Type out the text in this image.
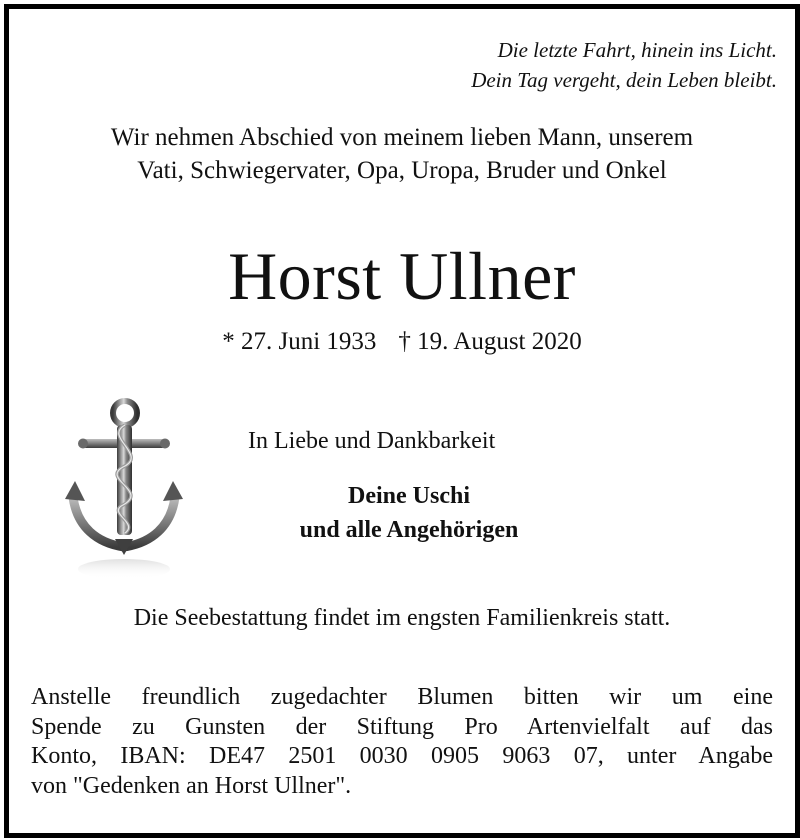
Die letzte Fahrt, hinein ins Licht.
Dein Tag vergeht, dein Leben bleibt.
Wir nehmen Abschied von meinem lieben Mann, unserem
Vati, Schwiegervater, Opa, Uropa, Bruder und Onkel
Horst Ullner
* 27. Juni 1933 † 19. August 2020
In Liebe und Dankbarkeit
Deine Uschi
und alle Angehörigen
Die Seebestattung findet im engsten Familienkreis statt.
Anstelle freundlich zugedachter Blumen bitten wir um eine
Spende zu Gunsten der Stiftung Pro Artenvielfalt auf das
Konto, IBAN: DE47 2501 0030 0905 9063 07, unter Angabe
von "Gedenken an Horst Ullner".
